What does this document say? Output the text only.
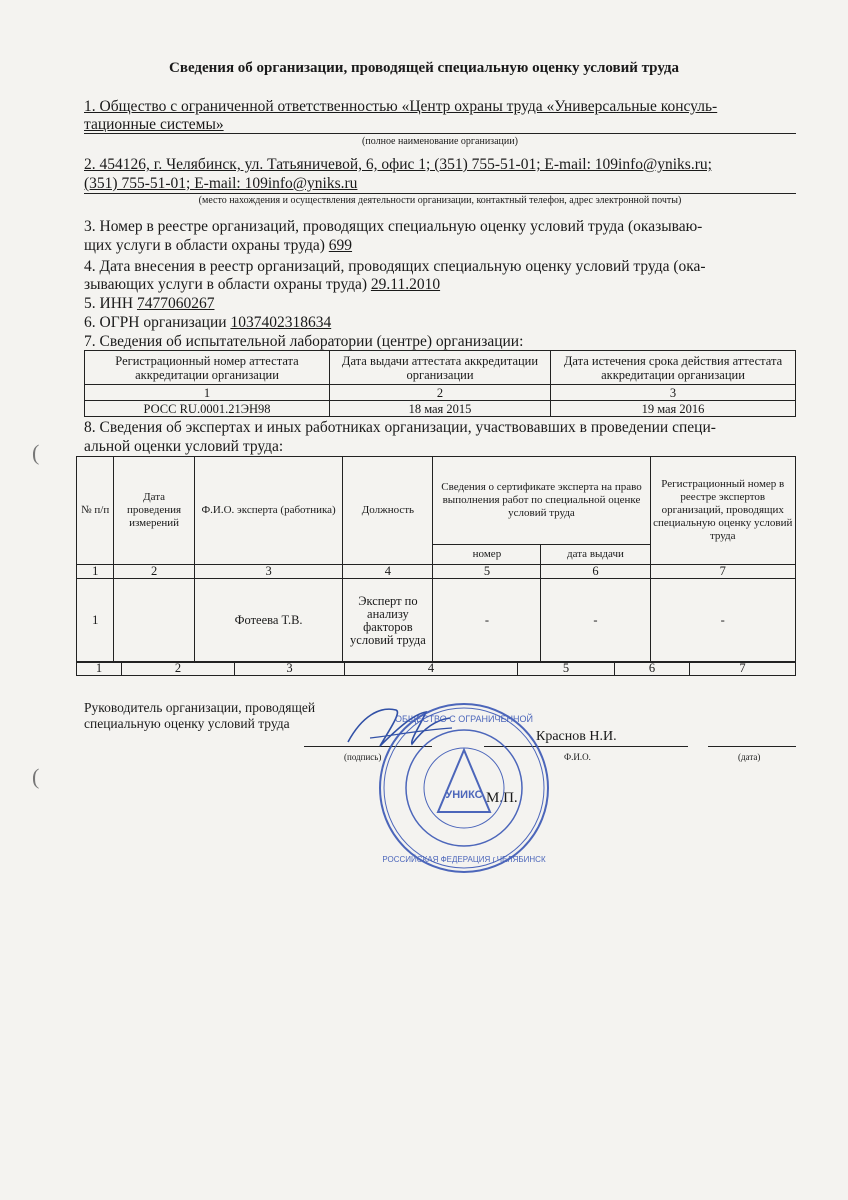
Сведения об организации, проводящей специальную оценку условий труда
1. Общество с ограниченной ответственностью «Центр охраны труда «Универсальные консуль-
тационные системы»
(полное наименование организации)
2. 454126, г. Челябинск, ул. Татьяничевой, 6, офис 1; (351) 755-51-01; E-mail: 109info@yniks.ru;
(351) 755-51-01; E-mail: 109info@yniks.ru
(место нахождения и осуществления деятельности организации, контактный телефон, адрес электронной почты)
3. Номер в реестре организаций, проводящих специальную оценку условий труда (оказываю-
щих услуги в области охраны труда) 699
4. Дата внесения в реестр организаций, проводящих специальную оценку условий труда (ока-
зывающих услуги в области охраны труда) 29.11.2010
5. ИНН 7477060267
6. ОГРН организации 1037402318634
7. Сведения об испытательной лаборатории (центре) организации:
Регистрационный номер аттестата аккредитации организации	Дата выдачи аттестата аккредитации организации	Дата истечения срока действия аттестата аккредитации организации
1	2	3
РОСС RU.0001.21ЭН98	18 мая 2015	19 мая 2016
8. Сведения об экспертах и иных работниках организации, участвовавших в проведении специ-
альной оценки условий труда:
№ п/п	Дата проведения измерений	Ф.И.О. эксперта (работника)	Должность	Сведения о сертификате эксперта на право выполнения работ по специальной оценке условий труда		Регистрационный номер в реестре экспертов организаций, проводящих специальную оценку условий труда
				номер	дата выдачи	
1	2	3	4	5	6	7
1		Фотеева Т.В.	Эксперт по анализу факторов условий труда	-	-	-
1	2	3	4	5	6	7
Руководитель организации, проводящей
специальную оценку условий труда
Краснов Н.И.
(подпись)	Ф.И.О.	(дата)
М.П.
УНИКС
ОБЩЕСТВО С ОГРАНИЧЕННОЙ
РОССИЙСКАЯ ФЕДЕРАЦИЯ г.ЧЕЛЯБИНСК
(
(
